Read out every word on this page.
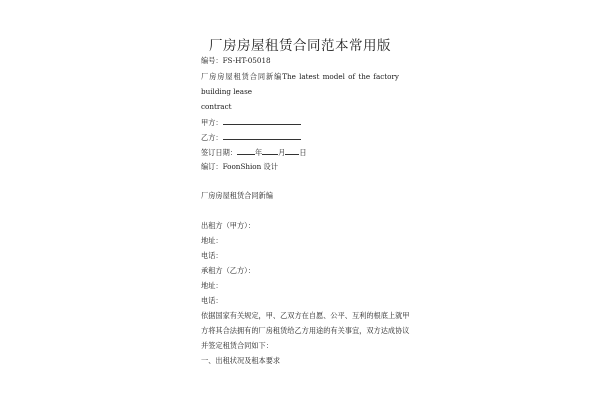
厂房房屋租赁合同范本常用版
编号：FS-HT-05018
厂房房屋租赁合同新编The latest model of the factory
building lease
contract
甲方：
乙方：
签订日期：	年 月 日
编订：FoonShion 设计
厂房房屋租赁合同新编
出租方（甲方）：
地址：
电话：
承租方（乙方）：
地址：
电话：
依据国家有关规定，甲、乙双方在自愿、公平、互利的根底上就甲
方将其合法拥有的厂房租赁给乙方用途的有关事宜，双方达成协议
并签定租赁合同如下：
一、出租状况及租本要求
